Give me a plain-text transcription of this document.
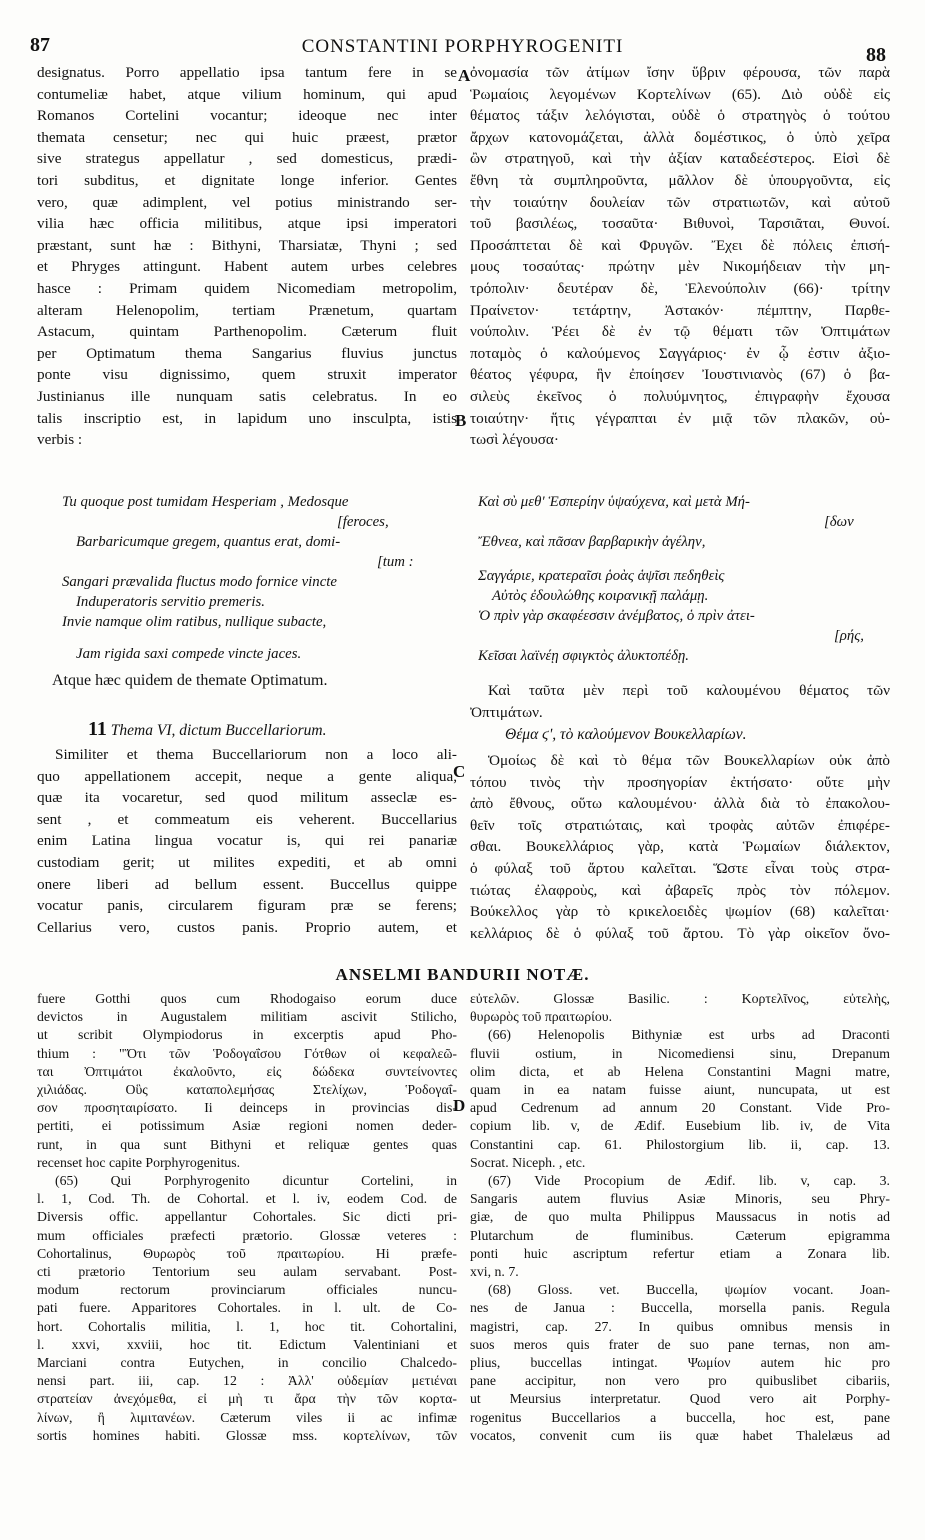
87	CONSTANTINI PORPHYROGENITI	88
A
B
C
D
designatus. Porro appellatio ipsa tantum fere in se
contumeliæ habet, atque vilium hominum, qui apud
Romanos Cortelini vocantur; ideoque nec inter
themata censetur; nec qui huic præest, prætor
sive strategus appellatur , sed domesticus, prædi-
tori subditus, et dignitate longe inferior. Gentes
vero, quæ adimplent, vel potius ministrando ser-
vilia hæc officia militibus, atque ipsi imperatori
præstant, sunt hæ : Bithyni, Tharsiatæ, Thyni ; sed
et Phryges attingunt. Habent autem urbes celebres
hasce : Primam quidem Nicomediam metropolim,
alteram Helenopolim, tertiam Prænetum, quartam
Astacum, quintam Parthenopolim. Cæterum fluit
per Optimatum thema Sangarius fluvius junctus
ponte visu dignissimo, quem struxit imperator
Justinianus ille nunquam satis celebratus. In eo
talis inscriptio est, in lapidum uno insculpta, istis
verbis :
ὀνομασία τῶν ἀτίμων ἴσην ὕβριν φέρουσα, τῶν παρὰ
Ῥωμαίοις λεγομένων Κορτελίνων (65). Διὸ οὐδὲ εἰς
θέματος τάξιν λελόγισται, οὐδὲ ὁ στρατηγὸς ὁ τούτου
ἄρχων κατονομάζεται, ἀλλὰ δομέστικος, ὁ ὑπὸ χεῖρα
ὢν στρατηγοῦ, καὶ τὴν ἀξίαν καταδεέστερος. Εἰσὶ δὲ
ἔθνη τὰ συμπληροῦντα, μᾶλλον δὲ ὑπουργοῦντα, εἰς
τὴν τοιαύτην δουλείαν τῶν στρατιωτῶν, καὶ αὐτοῦ
τοῦ βασιλέως, τοσαῦτα· Βιθυνοὶ, Ταρσιᾶται, Θυνοί.
Προσάπτεται δὲ καὶ Φρυγῶν. Ἔχει δὲ πόλεις ἐπισή-
μους τοσαύτας· πρώτην μὲν Νικομήδειαν τὴν μη-
τρόπολιν· δευτέραν δὲ, Ἑλενούπολιν (66)· τρίτην
Πραίνετον· τετάρτην, Ἀστακόν· πέμπτην, Παρθε-
νούπολιν. Ῥέει δὲ ἐν τῷ θέματι τῶν Ὀπτιμάτων
ποταμὸς ὁ καλούμενος Σαγγάριος· ἐν ᾧ ἐστιν ἀξιο-
θέατος γέφυρα, ἣν ἐποίησεν Ἰουστινιανὸς (67) ὁ βα-
σιλεὺς ἐκεῖνος ὁ πολυύμνητος, ἐπιγραφὴν ἔχουσα
τοιαύτην· ἥτις γέγραπται ἐν μιᾷ τῶν πλακῶν, οὑ-
τωσὶ λέγουσα·
Tu quoque post tumidam Hesperiam , Medosque
[feroces,
Barbaricumque gregem, quantus erat, domi-
[tum :
Sangari prævalida fluctus modo fornice vincte
Induperatoris servitio premeris.
Invie namque olim ratibus, nullique subacte,
Jam rigida saxi compede vincte jaces.
Καὶ σὺ μεθ' Ἑσπερίην ὑψαύχενα, καὶ μετὰ Μή-
[δων
Ἔθνεα, καὶ πᾶσαν βαρβαρικὴν ἀγέλην,
Σαγγάριε, κρατεραῖσι ῥοὰς ἁψῖσι πεδηθεὶς
Αὐτὸς ἐδουλώθης κοιρανικῇ παλάμῃ.
Ὁ πρὶν γὰρ σκαφέεσσιν ἀνέμβατος, ὁ πρὶν ἀτει-
[ρής,
Κεῖσαι λαϊνέῃ σφιγκτὸς ἀλυκτοπέδῃ.
Atque hæc quidem de themate Optimatum.
11 Thema VI, dictum Buccellariorum.
Similiter et thema Buccellariorum non a loco ali-
quo appellationem accepit, neque a gente aliqua,
quæ ita vocaretur, sed quod militum asseclæ es-
sent , et commeatum eis veherent. Buccellarius
enim Latina lingua vocatur is, qui rei panariæ
custodiam gerit; ut milites expediti, et ab omni
onere liberi ad bellum essent. Buccellus quippe
vocatur panis, circularem figuram præ se ferens;
Cellarius vero, custos panis. Proprio autem, et
Καὶ ταῦτα μὲν περὶ τοῦ καλουμένου θέματος τῶν
Ὀπτιμάτων.
Θέμα ϛʹ, τὸ καλούμενον Βουκελλαρίων.
Ὁμοίως δὲ καὶ τὸ θέμα τῶν Βουκελλαρίων οὐκ ἀπὸ
τόπου τινὸς τὴν προσηγορίαν ἐκτήσατο· οὔτε μὴν
ἀπὸ ἔθνους, οὕτω καλουμένου· ἀλλὰ διὰ τὸ ἐπακολου-
θεῖν τοῖς στρατιώταις, καὶ τροφὰς αὐτῶν ἐπιφέρε-
σθαι. Βουκελλάριος γὰρ, κατὰ Ῥωμαίων διάλεκτον,
ὁ φύλαξ τοῦ ἄρτου καλεῖται. Ὥστε εἶναι τοὺς στρα-
τιώτας ἐλαφροὺς, καὶ ἀβαρεῖς πρὸς τὸν πόλεμον.
Βούκελλος γὰρ τὸ κρικελοειδὲς ψωμίον (68) καλεῖται·
κελλάριος δὲ ὁ φύλαξ τοῦ ἄρτου. Τὸ γὰρ οἰκεῖον ὄνο-
ANSELMI BANDURII NOTÆ.
fuere Gotthi quos cum Rhodogaiso eorum duce
devictos in Augustalem militiam ascivit Stilicho,
ut scribit Olympiodorus in excerptis apud Pho-
thium : "Ὅτι τῶν Ῥοδογαΐσου Γότθων οἱ κεφαλεῶ-
ται Ὀπτιμάτοι ἐκαλοῦντο, εἰς δώδεκα συντείνοντες
χιλιάδας. Οὓς καταπολεμήσας Στελίχων, Ῥοδογαΐ-
σον προσηταιρίσατο. Ii deinceps in provincias dis-
pertiti, ei potissimum Asiæ regioni nomen deder-
runt, in qua sunt Bithyni et reliquæ gentes quas
recenset hoc capite Porphyrogenitus.
(65) Qui Porphyrogenito dicuntur Cortelini, in
l. 1, Cod. Th. de Cohortal. et l. iv, eodem Cod. de
Diversis offic. appellantur Cohortales. Sic dicti pri-
mum officiales præfecti prætorio. Glossæ veteres :
Cohortalinus, Θυρωρὸς τοῦ πραιτωρίου. Hi præfe-
cti prætorio Tentorium seu aulam servabant. Post-
modum rectorum provinciarum officiales nuncu-
pati fuere. Apparitores Cohortales. in l. ult. de Co-
hort. Cohortalis militia, l. 1, hoc tit. Cohortalini,
l. xxvi, xxviii, hoc tit. Edictum Valentiniani et
Marciani contra Eutychen, in concilio Chalcedo-
nensi part. iii, cap. 12 : Ἀλλ' οὐδεμίαν μετιέναι
στρατείαν ἀνεχόμεθα, εἰ μὴ τι ἄρα τὴν τῶν κορτα-
λίνων, ἢ λιμιτανέων. Cæterum viles ii ac infimæ
sortis homines habiti. Glossæ mss. κορτελίνων, τῶν
εὐτελῶν. Glossæ Basilic. : Κορτελῖνος, εὐτελὴς,
θυρωρὸς τοῦ πραιτωρίου.
(66) Helenopolis Bithyniæ est urbs ad Draconti
fluvii ostium, in Nicomediensi sinu, Drepanum
olim dicta, et ab Helena Constantini Magni matre,
quam in ea natam fuisse aiunt, nuncupata, ut est
apud Cedrenum ad annum 20 Constant. Vide Pro-
copium lib. v, de Ædif. Eusebium lib. iv, de Vita
Constantini cap. 61. Philostorgium lib. ii, cap. 13.
Socrat. Niceph. , etc.
(67) Vide Procopium de Ædif. lib. v, cap. 3.
Sangaris autem fluvius Asiæ Minoris, seu Phry-
giæ, de quo multa Philippus Maussacus in notis ad
Plutarchum de fluminibus. Cæterum epigramma
ponti huic ascriptum refertur etiam a Zonara lib.
xvi, n. 7.
(68) Gloss. vet. Buccella, ψωμίον vocant. Joan-
nes de Janua : Buccella, morsella panis. Regula
magistri, cap. 27. In quibus omnibus mensis in
suos meros quis frater de suo pane ternas, non am-
plius, buccellas intingat. Ψωμίον autem hic pro
pane accipitur, non vero pro quibuslibet cibariis,
ut Meursius interpretatur. Quod vero ait Porphy-
rogenitus Buccellarios a buccella, hoc est, pane
vocatos, convenit cum iis quæ habet Thalelæus ad
